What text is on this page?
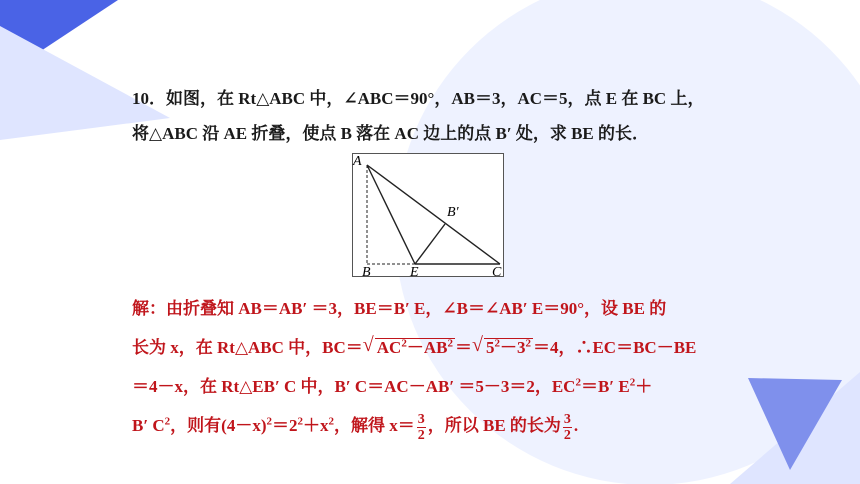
10．如图，在 Rt△ABC 中，∠ABC＝90°，AB＝3，AC＝5，点 E 在 BC 上，
将△ABC 沿 AE 折叠，使点 B 落在 AC 边上的点 B′ 处，求 BE 的长．
A
B′
B	E	C
解：由折叠知 AB＝AB′ ＝3，BE＝B′ E，∠B＝∠AB′ E＝90°，设 BE 的
长为 x，在 Rt△ABC 中，BC＝ √ $AC^2-AB^2$ ＝ √ $5^2-3^2 =4$，∴EC＝BC－BE
＝4－x，在 Rt△EB′ C 中，B′ C＝AC－AB′ ＝5－3＝2，$EC^2=B'$ $E^2+$
B′ $C^2$，则有$(4-x)^2=2^2+x^2$，解得 $x= \frac{3}{2}$ ，所以 BE 的长为 $\frac{3}{2}$ .
